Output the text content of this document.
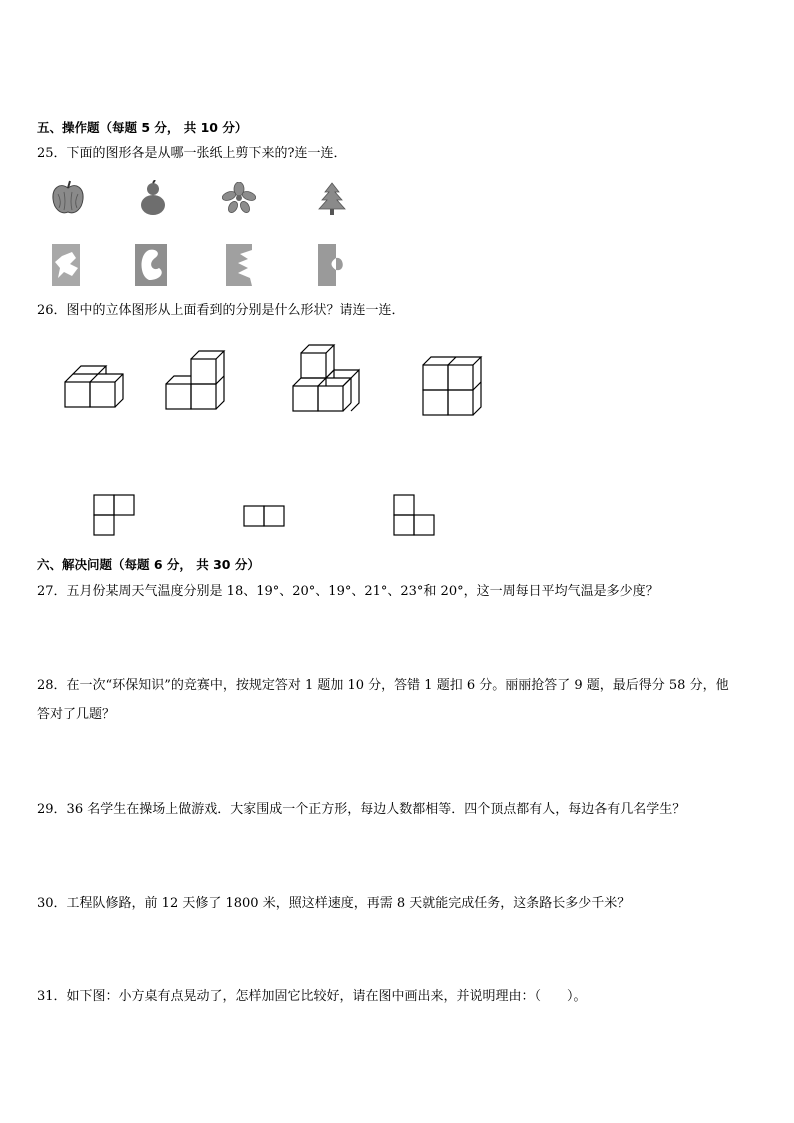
五、操作题（每题 5 分， 共 10 分）
25．下面的图形各是从哪一张纸上剪下来的?连一连．
26．图中的立体图形从上面看到的分别是什么形状？请连一连．
六、解决问题（每题 6 分， 共 30 分）
27．五月份某周天气温度分别是 18、19°、20°、19°、21°、23°和 20°，这一周每日平均气温是多少度？
28．在一次“环保知识”的竞赛中，按规定答对 1 题加 10 分，答错 1 题扣 6 分。丽丽抢答了 9 题，最后得分 58 分，他
答对了几题？
29．36 名学生在操场上做游戏．大家围成一个正方形，每边人数都相等．四个顶点都有人，每边各有几名学生？
30．工程队修路，前 12 天修了 1800 米，照这样速度，再需 8 天就能完成任务，这条路长多少千米？
31．如下图：小方桌有点晃动了，怎样加固它比较好，请在图中画出来，并说明理由：（　　）。
